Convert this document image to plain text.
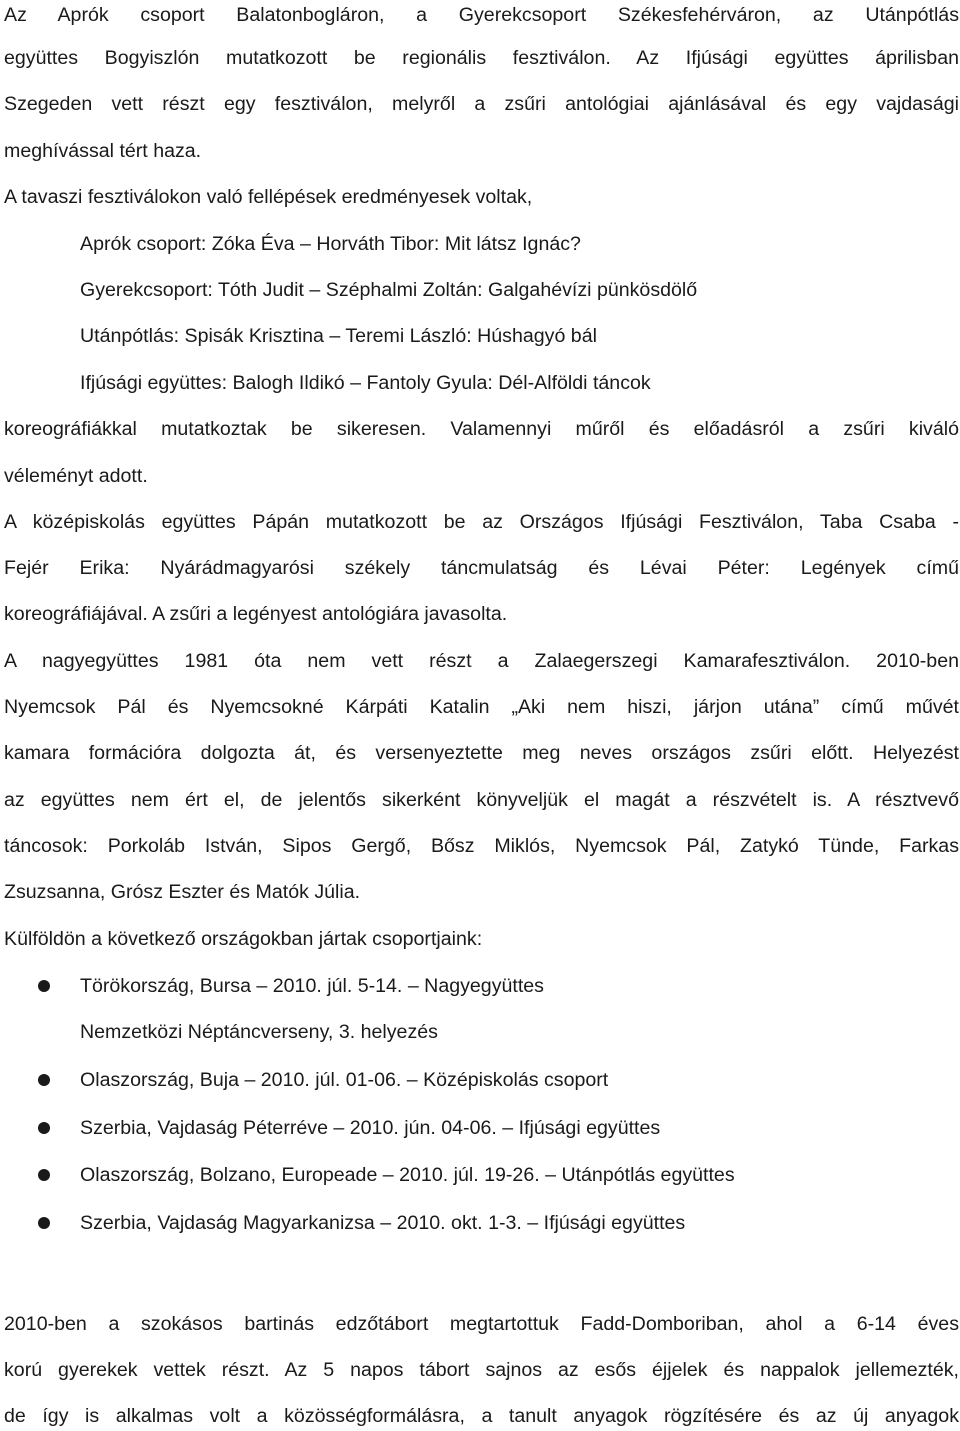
Az Aprók csoport Balatonbogláron, a Gyerekcsoport Székesfehérváron, az Utánpótlás
együttes Bogyiszlón mutatkozott be regionális fesztiválon. Az Ifjúsági együttes áprilisban
Szegeden vett részt egy fesztiválon, melyről a zsűri antológiai ajánlásával és egy vajdasági
meghívással tért haza.
A tavaszi fesztiválokon való fellépések eredményesek voltak,
Aprók csoport: Zóka Éva – Horváth Tibor: Mit látsz Ignác?
Gyerekcsoport: Tóth Judit – Széphalmi Zoltán: Galgahévízi pünkösdölő
Utánpótlás: Spisák Krisztina – Teremi László: Húshagyó bál
Ifjúsági együttes: Balogh Ildikó – Fantoly Gyula: Dél-Alföldi táncok
koreográfiákkal mutatkoztak be sikeresen. Valamennyi műről és előadásról a zsűri kiváló
véleményt adott.
A középiskolás együttes Pápán mutatkozott be az Országos Ifjúsági Fesztiválon, Taba Csaba -
Fejér Erika: Nyárádmagyarósi székely táncmulatság és Lévai Péter: Legények című
koreográfiájával. A zsűri a legényest antológiára javasolta.
A nagyegyüttes 1981 óta nem vett részt a Zalaegerszegi Kamarafesztiválon. 2010-ben
Nyemcsok Pál és Nyemcsokné Kárpáti Katalin „Aki nem hiszi, járjon utána” című művét
kamara formációra dolgozta át, és versenyeztette meg neves országos zsűri előtt. Helyezést
az együttes nem ért el, de jelentős sikerként könyveljük el magát a részvételt is. A résztvevő
táncosok: Porkoláb István, Sipos Gergő, Bősz Miklós, Nyemcsok Pál, Zatykó Tünde, Farkas
Zsuzsanna, Grósz Eszter és Matók Júlia.
Külföldön a következő országokban jártak csoportjaink:
Törökország, Bursa – 2010. júl. 5-14. – Nagyegyüttes
Nemzetközi Néptáncverseny, 3. helyezés
Olaszország, Buja – 2010. júl. 01-06. – Középiskolás csoport
Szerbia, Vajdaság Péterréve – 2010. jún. 04-06. – Ifjúsági együttes
Olaszország, Bolzano, Europeade – 2010. júl. 19-26. – Utánpótlás együttes
Szerbia, Vajdaság Magyarkanizsa – 2010. okt. 1-3. – Ifjúsági együttes
2010-ben a szokásos bartinás edzőtábort megtartottuk Fadd-Domboriban, ahol a 6-14 éves
korú gyerekek vettek részt. Az 5 napos tábort sajnos az esős éjjelek és nappalok jellemezték,
de így is alkalmas volt a közösségformálásra, a tanult anyagok rögzítésére és az új anyagok
